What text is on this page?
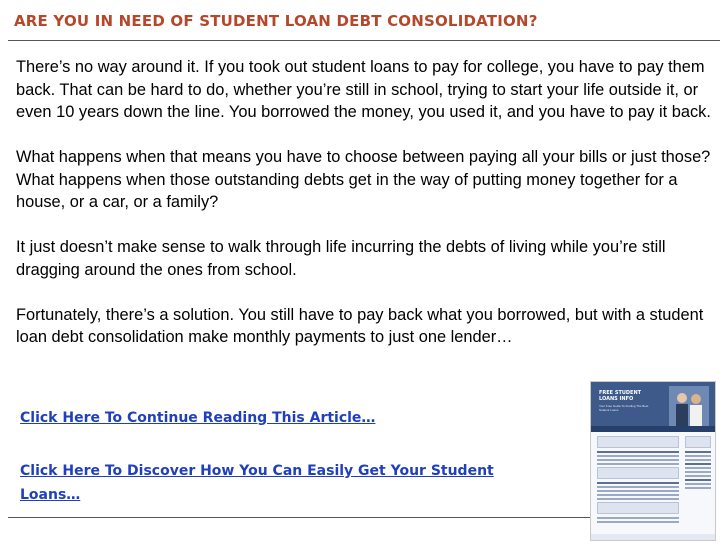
ARE YOU IN NEED OF STUDENT LOAN DEBT CONSOLIDATION?

There’s no way around it. If you took out student loans to pay for college, you have to pay them back. That can be hard to do, whether you’re still in school, trying to start your life outside it, or even 10 years down the line. You borrowed the money, you used it, and you have to pay it back.

What happens when that means you have to choose between paying all your bills or just those? What happens when those outstanding debts get in the way of putting money together for a house, or a car, or a family?

It just doesn’t make sense to walk through life incurring the debts of living while you’re still dragging around the ones from school.

Fortunately, there’s a solution. You still have to pay back what you borrowed, but with a student loan debt consolidation make monthly payments to just one lender…

Click Here To Continue Reading This Article…
Click Here To Discover How You Can Easily Get Your Student Loans…
FREE STUDENT LOANS INFO
Your Free Guide To Finding The Best Student Loans
